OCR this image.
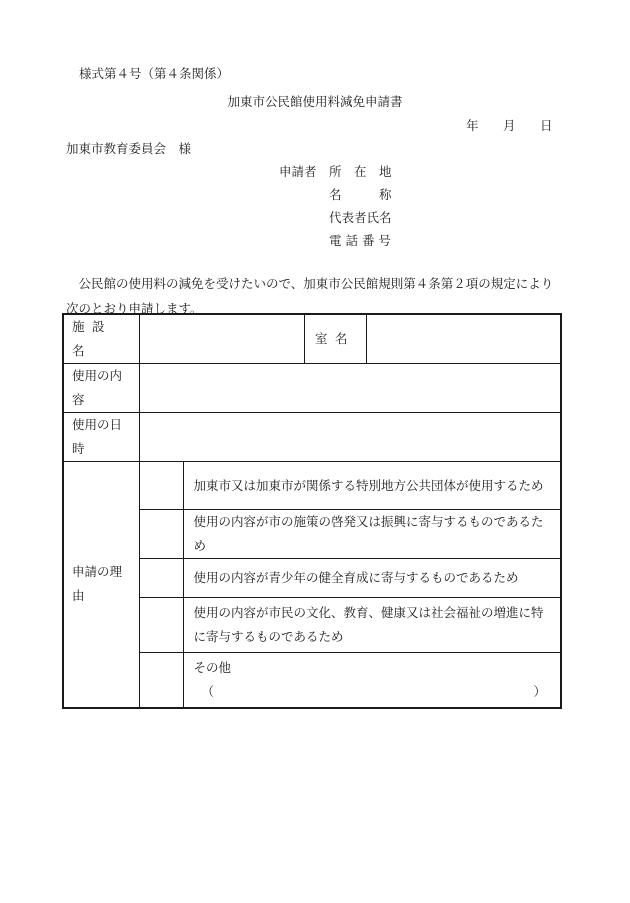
様式第４号（第４条関係）
加東市公民館使用料減免申請書
年 月 日
加東市教育委員会　様
申請者 所　在　地
名　　　称
代表者氏名
電 話 番 号
公民館の使用料の減免を受けたいので、加東市公民館規則第４条第２項の規定により次のとおり申請します。
施設名			室名	
使用の内容				
使用の日時				
申請の理由		加東市又は加東市が関係する特別地方公共団体が使用するため		
		使用の内容が市の施策の啓発又は振興に寄与するものであるため		
		使用の内容が青少年の健全育成に寄与するものであるため		
		使用の内容が市民の文化、教育、健康又は社会福祉の増進に特に寄与するものであるため		

		その他
（ ）		
